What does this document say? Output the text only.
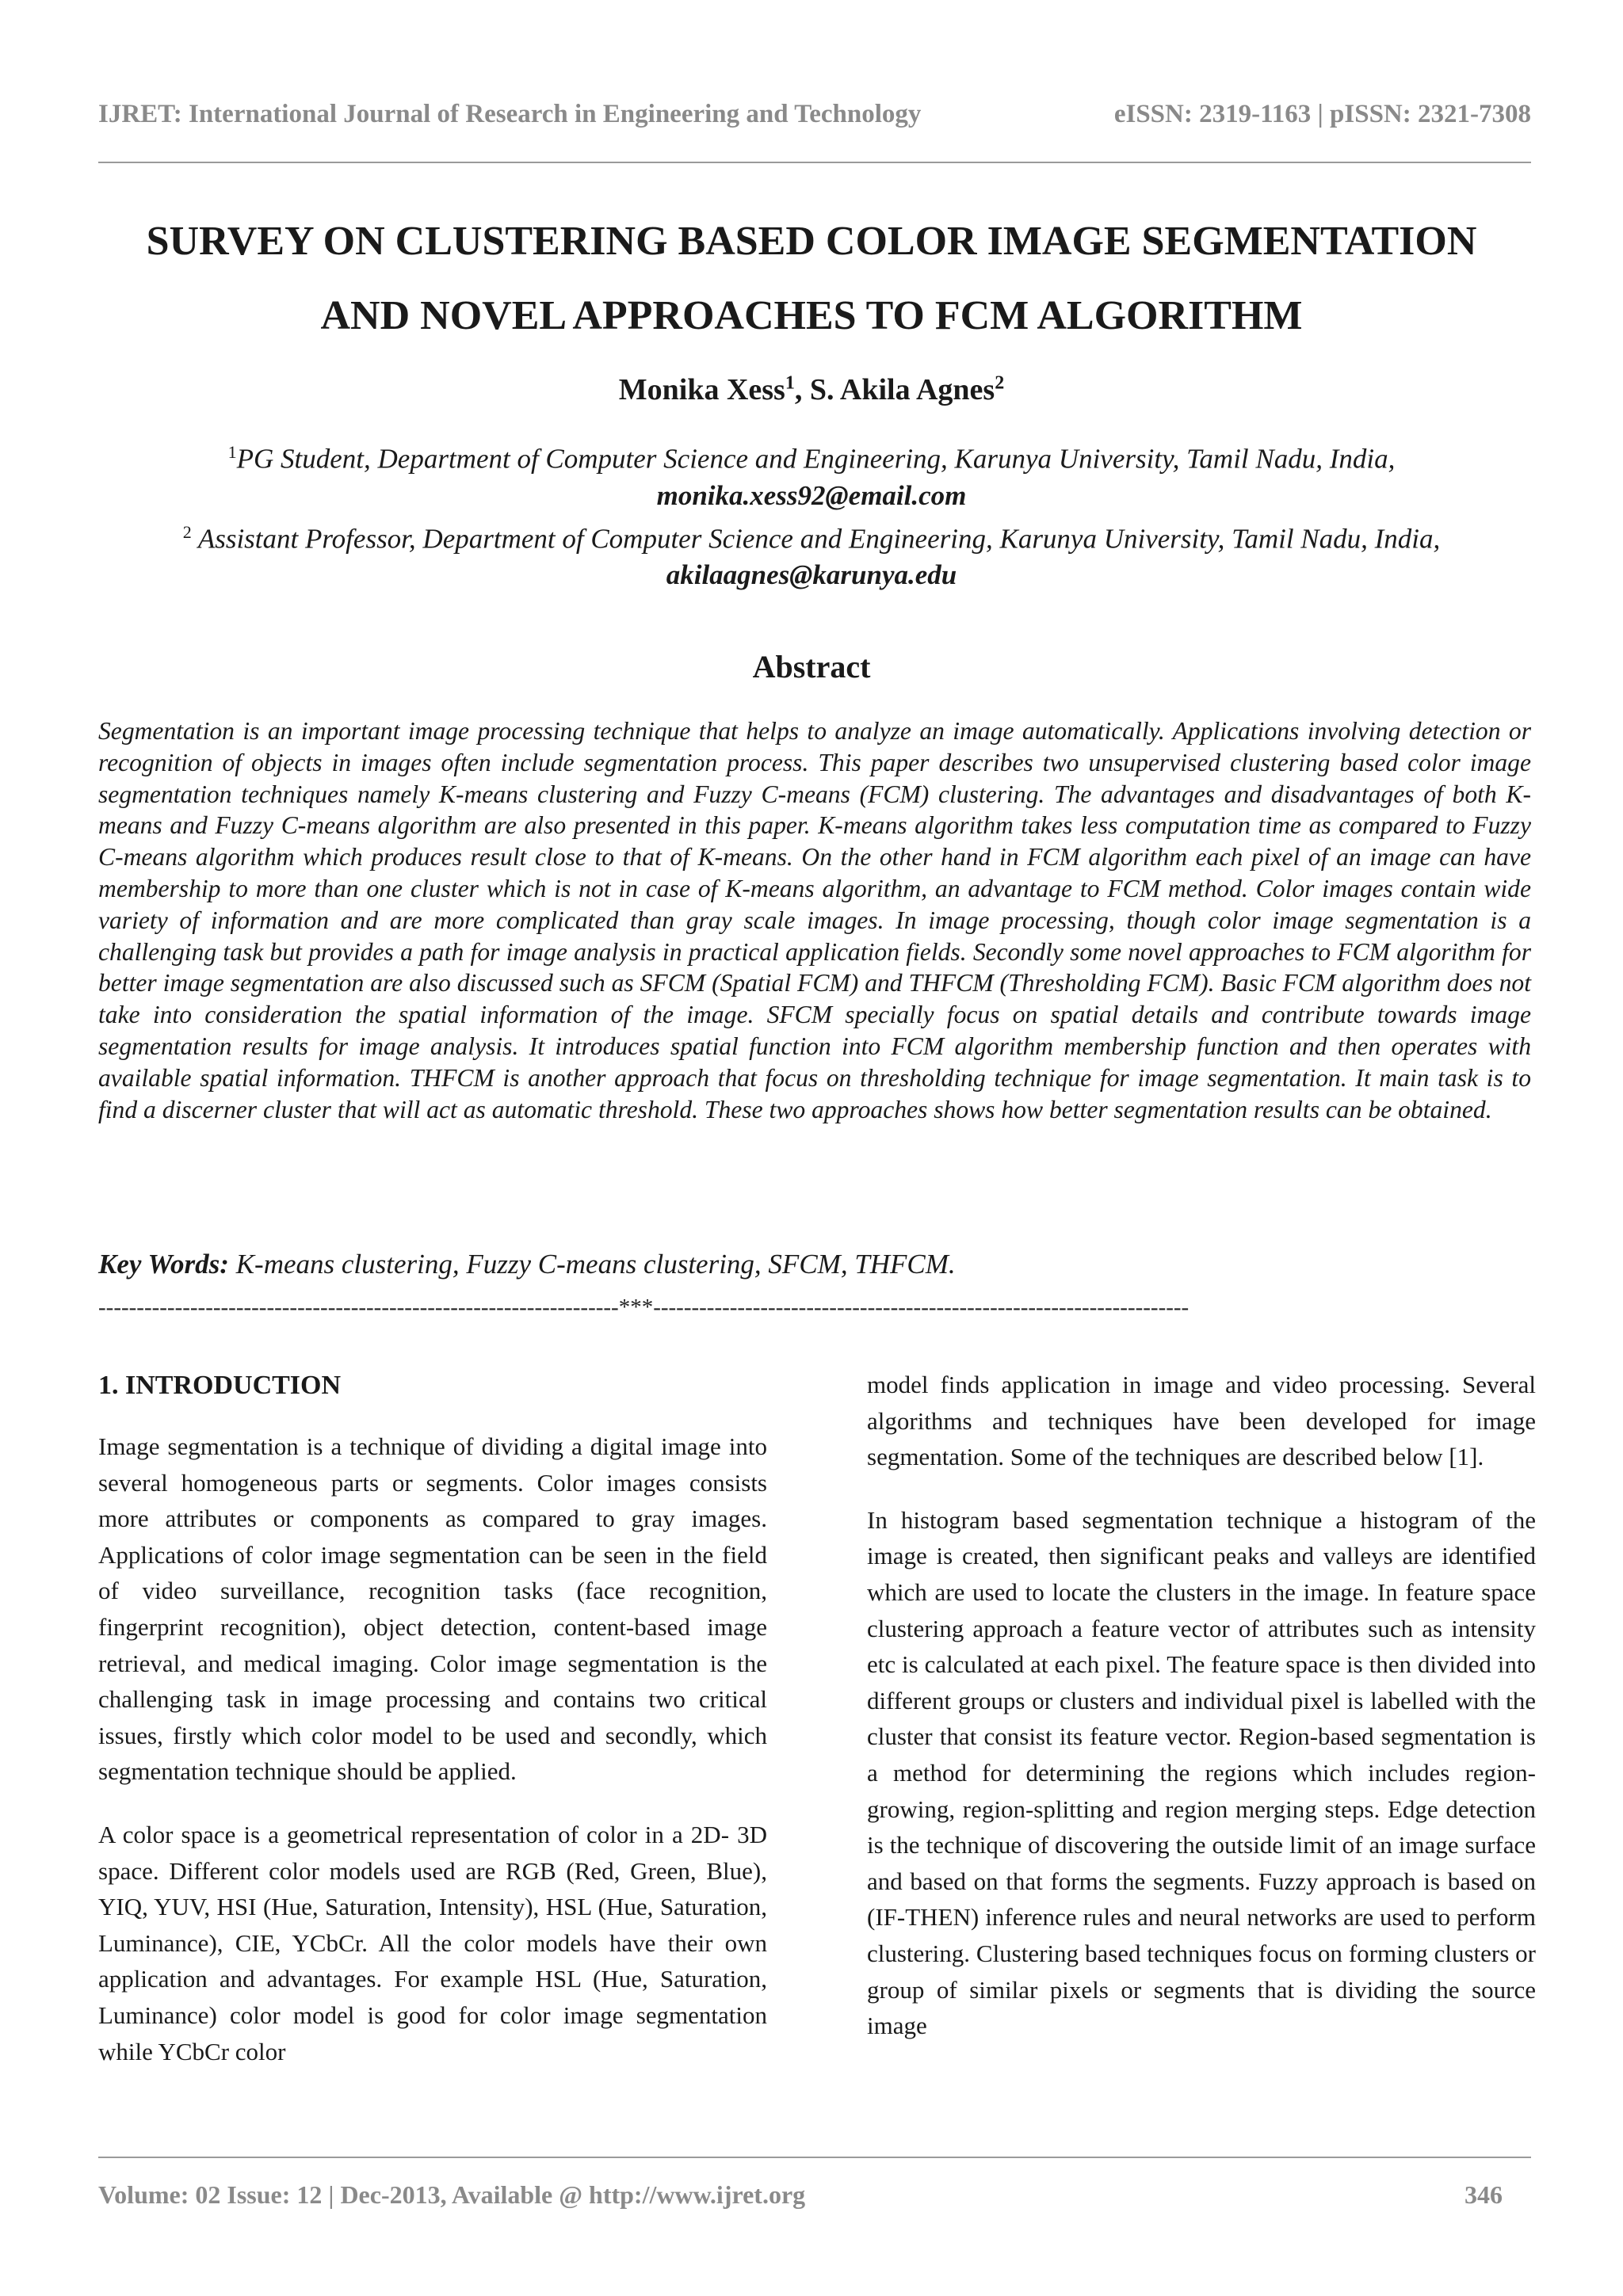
IJRET: International Journal of Research in Engineering and Technology	eISSN: 2319-1163 | pISSN: 2321-7308
SURVEY ON CLUSTERING BASED COLOR IMAGE SEGMENTATION
AND NOVEL APPROACHES TO FCM ALGORITHM
Monika Xess$^1$, S. Akila Agnes$^2$
$^1$PG Student, Department of Computer Science and Engineering, Karunya University, Tamil Nadu, India,
monika.xess92@email.com
$^2$ Assistant Professor, Department of Computer Science and Engineering, Karunya University, Tamil Nadu, India,
akilaagnes@karunya.edu
Abstract

Segmentation is an important image processing technique that helps to analyze an image automatically. Applications involving detection or recognition of objects in images often include segmentation process. This paper describes two unsupervised clustering based color image segmentation techniques namely K-means clustering and Fuzzy C-means (FCM) clustering. The advantages and disadvantages of both K-means and Fuzzy C-means algorithm are also presented in this paper. K-means algorithm takes less computation time as compared to Fuzzy C-means algorithm which produces result close to that of K-means. On the other hand in FCM algorithm each pixel of an image can have membership to more than one cluster which is not in case of K-means algorithm, an advantage to FCM method. Color images contain wide variety of information and are more complicated than gray scale images. In image processing, though color image segmentation is a challenging task but provides a path for image analysis in practical application fields. Secondly some novel approaches to FCM algorithm for better image segmentation are also discussed such as SFCM (Spatial FCM) and THFCM (Thresholding FCM). Basic FCM algorithm does not take into consideration the spatial information of the image. SFCM specially focus on spatial details and contribute towards image segmentation results for image analysis. It introduces spatial function into FCM algorithm membership function and then operates with available spatial information. THFCM is another approach that focus on thresholding technique for image segmentation. It main task is to find a discerner cluster that will act as automatic threshold. These two approaches shows how better segmentation results can be obtained.

Key Words: K-means clustering, Fuzzy C-means clustering, SFCM, THFCM.
--------------------------------------------------------------------***----------------------------------------------------------------------
1. INTRODUCTION

Image segmentation is a technique of dividing a digital image into several homogeneous parts or segments. Color images consists more attributes or components as compared to gray images. Applications of color image segmentation can be seen in the field of video surveillance, recognition tasks (face recognition, fingerprint recognition), object detection, content-based image retrieval, and medical imaging. Color image segmentation is the challenging task in image processing and contains two critical issues, firstly which color model to be used and secondly, which segmentation technique should be applied.

A color space is a geometrical representation of color in a 2D- 3D space. Different color models used are RGB (Red, Green, Blue), YIQ, YUV, HSI (Hue, Saturation, Intensity), HSL (Hue, Saturation, Luminance), CIE, YCbCr. All the color models have their own application and advantages. For example HSL (Hue, Saturation, Luminance) color model is good for color image segmentation while YCbCr color

model finds application in image and video processing. Several algorithms and techniques have been developed for image segmentation. Some of the techniques are described below [1].

In histogram based segmentation technique a histogram of the image is created, then significant peaks and valleys are identified which are used to locate the clusters in the image. In feature space clustering approach a feature vector of attributes such as intensity etc is calculated at each pixel. The feature space is then divided into different groups or clusters and individual pixel is labelled with the cluster that consist its feature vector. Region-based segmentation is a method for determining the regions which includes region-growing, region-splitting and region merging steps. Edge detection is the technique of discovering the outside limit of an image surface and based on that forms the segments. Fuzzy approach is based on (IF-THEN) inference rules and neural networks are used to perform clustering. Clustering based techniques focus on forming clusters or group of similar pixels or segments that is dividing the source image

Volume: 02 Issue: 12 | Dec-2013, Available @ http://www.ijret.org	346
